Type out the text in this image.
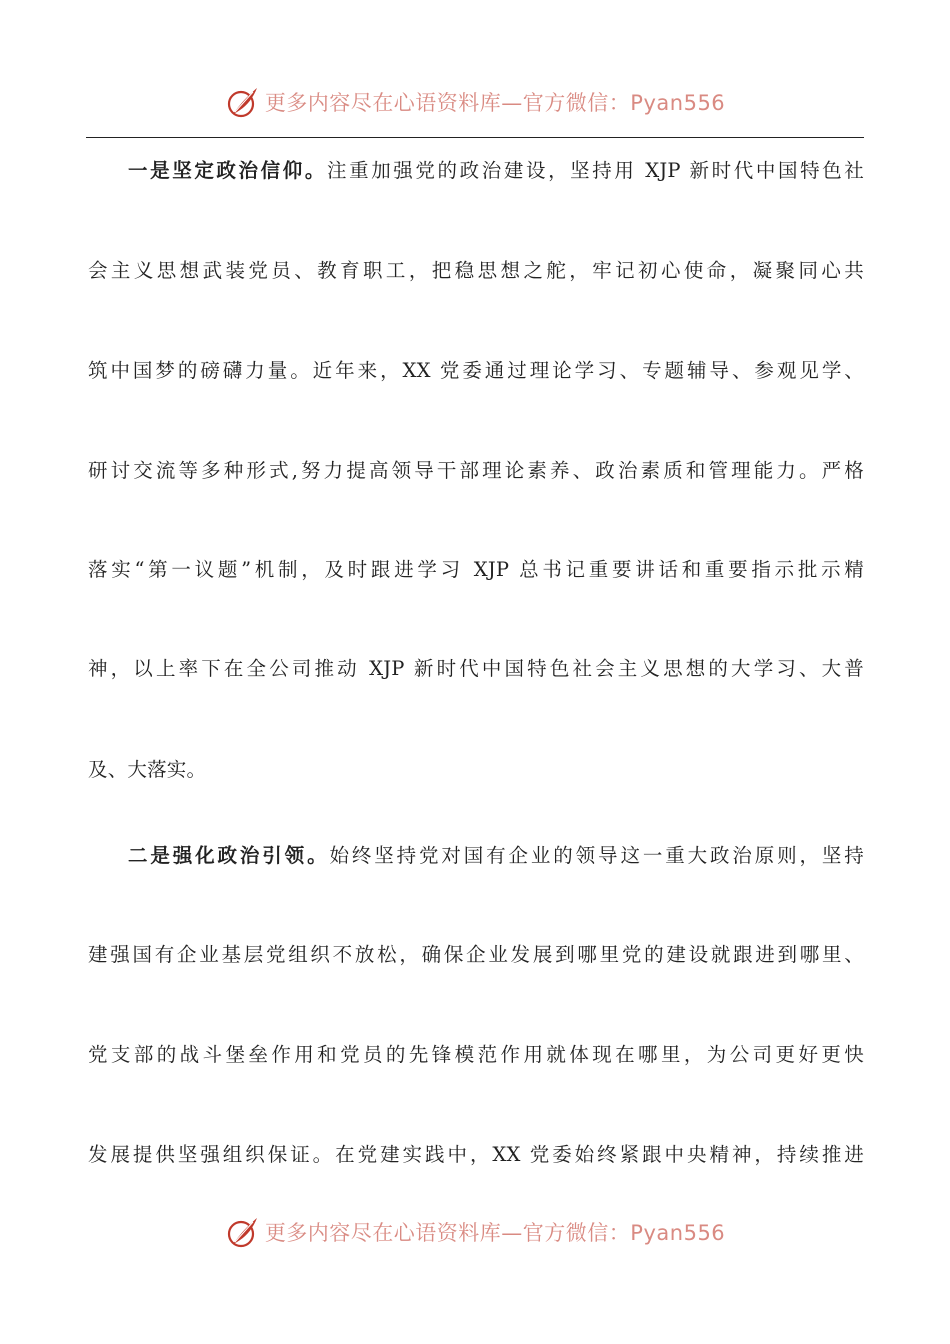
更多内容尽在心语资料库—官方微信：Pyan556
一是坚定政治信仰。注重加强党的政治建设，坚持用 XJP 新时代中国特色社
会主义思想武装党员、教育职工，把稳思想之舵，牢记初心使命，凝聚同心共
筑中国梦的磅礴力量。近年来，XX 党委通过理论学习、专题辅导、参观见学、
研讨交流等多种形式,努力提高领导干部理论素养、政治素质和管理能力。严格
落实“第一议题”机制，及时跟进学习 XJP 总书记重要讲话和重要指示批示精
神，以上率下在全公司推动 XJP 新时代中国特色社会主义思想的大学习、大普
及、大落实。
二是强化政治引领。始终坚持党对国有企业的领导这一重大政治原则，坚持
建强国有企业基层党组织不放松，确保企业发展到哪里党的建设就跟进到哪里、
党支部的战斗堡垒作用和党员的先锋模范作用就体现在哪里，为公司更好更快
发展提供坚强组织保证。在党建实践中，XX 党委始终紧跟中央精神，持续推进
更多内容尽在心语资料库—官方微信：Pyan556
